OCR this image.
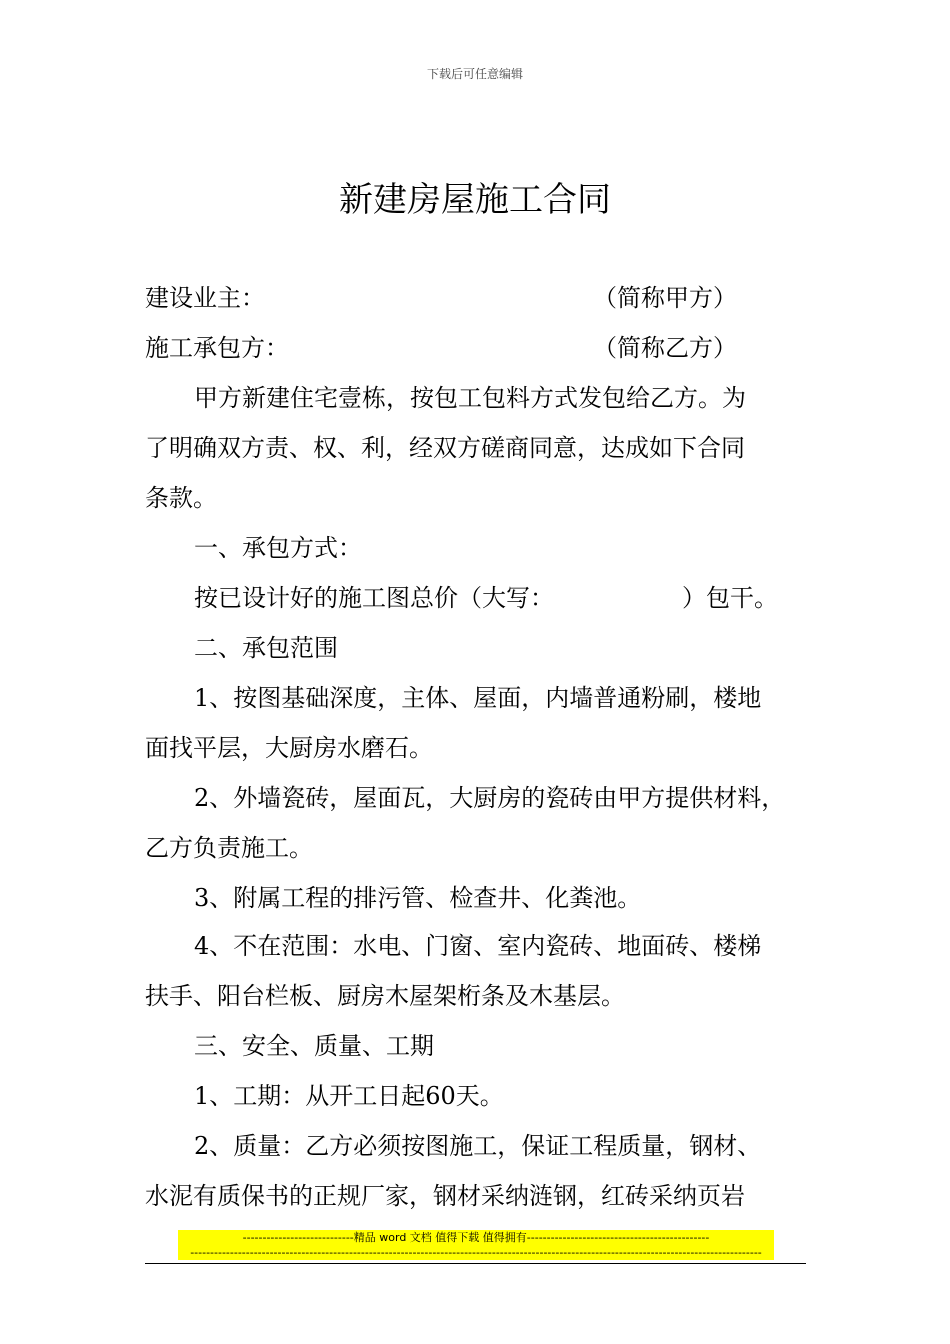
下载后可任意编辑
新建房屋施工合同
建设业主：	（简称甲方）
施工承包方：	（简称乙方）
甲方新建住宅壹栋，按包工包料方式发包给乙方。为
了明确双方责、权、利，经双方磋商同意，达成如下合同
条款。
一、承包方式：
按已设计好的施工图总价（大写：	）包干。
二、承包范围
1、按图基础深度，主体、屋面，内墙普通粉刷，楼地
面找平层，大厨房水磨石。
2、外墙瓷砖，屋面瓦，大厨房的瓷砖由甲方提供材料，
乙方负责施工。
3、附属工程的排污管、检查井、化粪池。
4、不在范围：水电、门窗、室内瓷砖、地面砖、楼梯
扶手、阳台栏板、厨房木屋架桁条及木基层。
三、安全、质量、工期
1、工期：从开工日起60天。
2、质量：乙方必须按图施工，保证工程质量，钢材、
水泥有质保书的正规厂家，钢材采纳涟钢，红砖采纳页岩
----------------------------精品 word 文档 值得下载 值得拥有----------------------------------------------
------------------------------------------------------------------------------------------------------------------------------------------------
